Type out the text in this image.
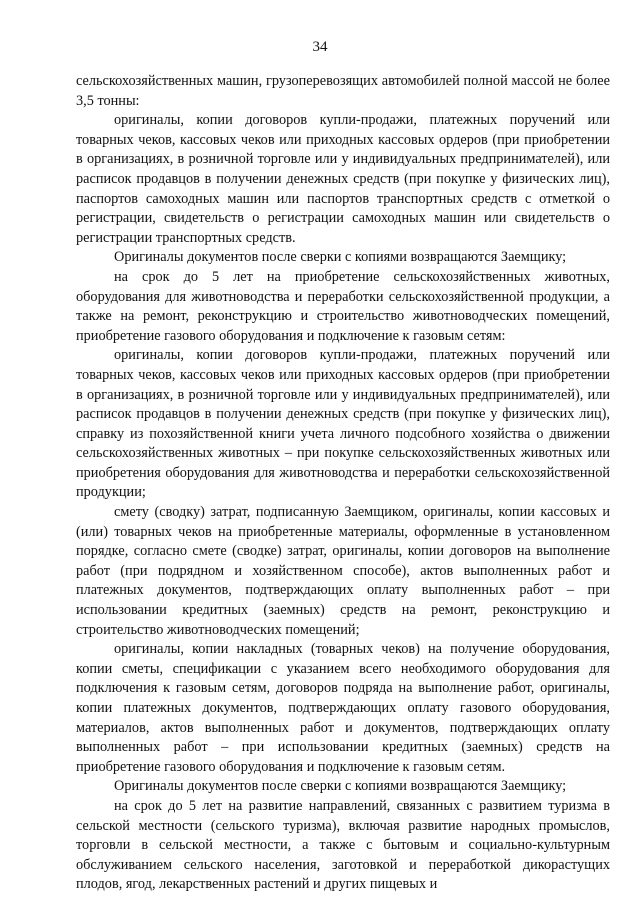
34

сельскохозяйственных машин, грузоперевозящих автомобилей полной массой не более 3,5 тонны:

оригиналы, копии договоров купли-продажи, платежных поручений или товарных чеков, кассовых чеков или приходных кассовых ордеров (при приобретении в организациях, в розничной торговле или у индивидуальных предпринимателей), или расписок продавцов в получении денежных средств (при покупке у физических лиц), паспортов самоходных машин или паспортов транспортных средств с отметкой о регистрации, свидетельств о регистрации самоходных машин или свидетельств о регистрации транспортных средств.

Оригиналы документов после сверки с копиями возвращаются Заемщику;

на срок до 5 лет на приобретение сельскохозяйственных животных, оборудования для животноводства и переработки сельскохозяйственной продукции, а также на ремонт, реконструкцию и строительство животноводческих помещений, приобретение газового оборудования и подключение к газовым сетям:

оригиналы, копии договоров купли-продажи, платежных поручений или товарных чеков, кассовых чеков или приходных кассовых ордеров (при приобретении в организациях, в розничной торговле или у индивидуальных предпринимателей), или расписок продавцов в получении денежных средств (при покупке у физических лиц), справку из похозяйственной книги учета личного подсобного хозяйства о движении сельскохозяйственных животных – при покупке сельскохозяйственных животных или приобретения оборудования для животноводства и переработки сельскохозяйственной продукции;

смету (сводку) затрат, подписанную Заемщиком, оригиналы, копии кассовых и (или) товарных чеков на приобретенные материалы, оформленные в установленном порядке, согласно смете (сводке) затрат, оригиналы, копии договоров на выполнение работ (при подрядном и хозяйственном способе), актов выполненных работ и платежных документов, подтверждающих оплату выполненных работ – при использовании кредитных (заемных) средств на ремонт, реконструкцию и строительство животноводческих помещений;

оригиналы, копии накладных (товарных чеков) на получение оборудования, копии сметы, спецификации с указанием всего необходимого оборудования для подключения к газовым сетям, договоров подряда на выполнение работ, оригиналы, копии платежных документов, подтверждающих оплату газового оборудования, материалов, актов выполненных работ и документов, подтверждающих оплату выполненных работ – при использовании кредитных (заемных) средств на приобретение газового оборудования и подключение к газовым сетям.

Оригиналы документов после сверки с копиями возвращаются Заемщику;

на срок до 5 лет на развитие направлений, связанных с развитием туризма в сельской местности (сельского туризма), включая развитие народных промыслов, торговли в сельской местности, а также с бытовым и социально-культурным обслуживанием сельского населения, заготовкой и переработкой дикорастущих плодов, ягод, лекарственных растений и других пищевых и
